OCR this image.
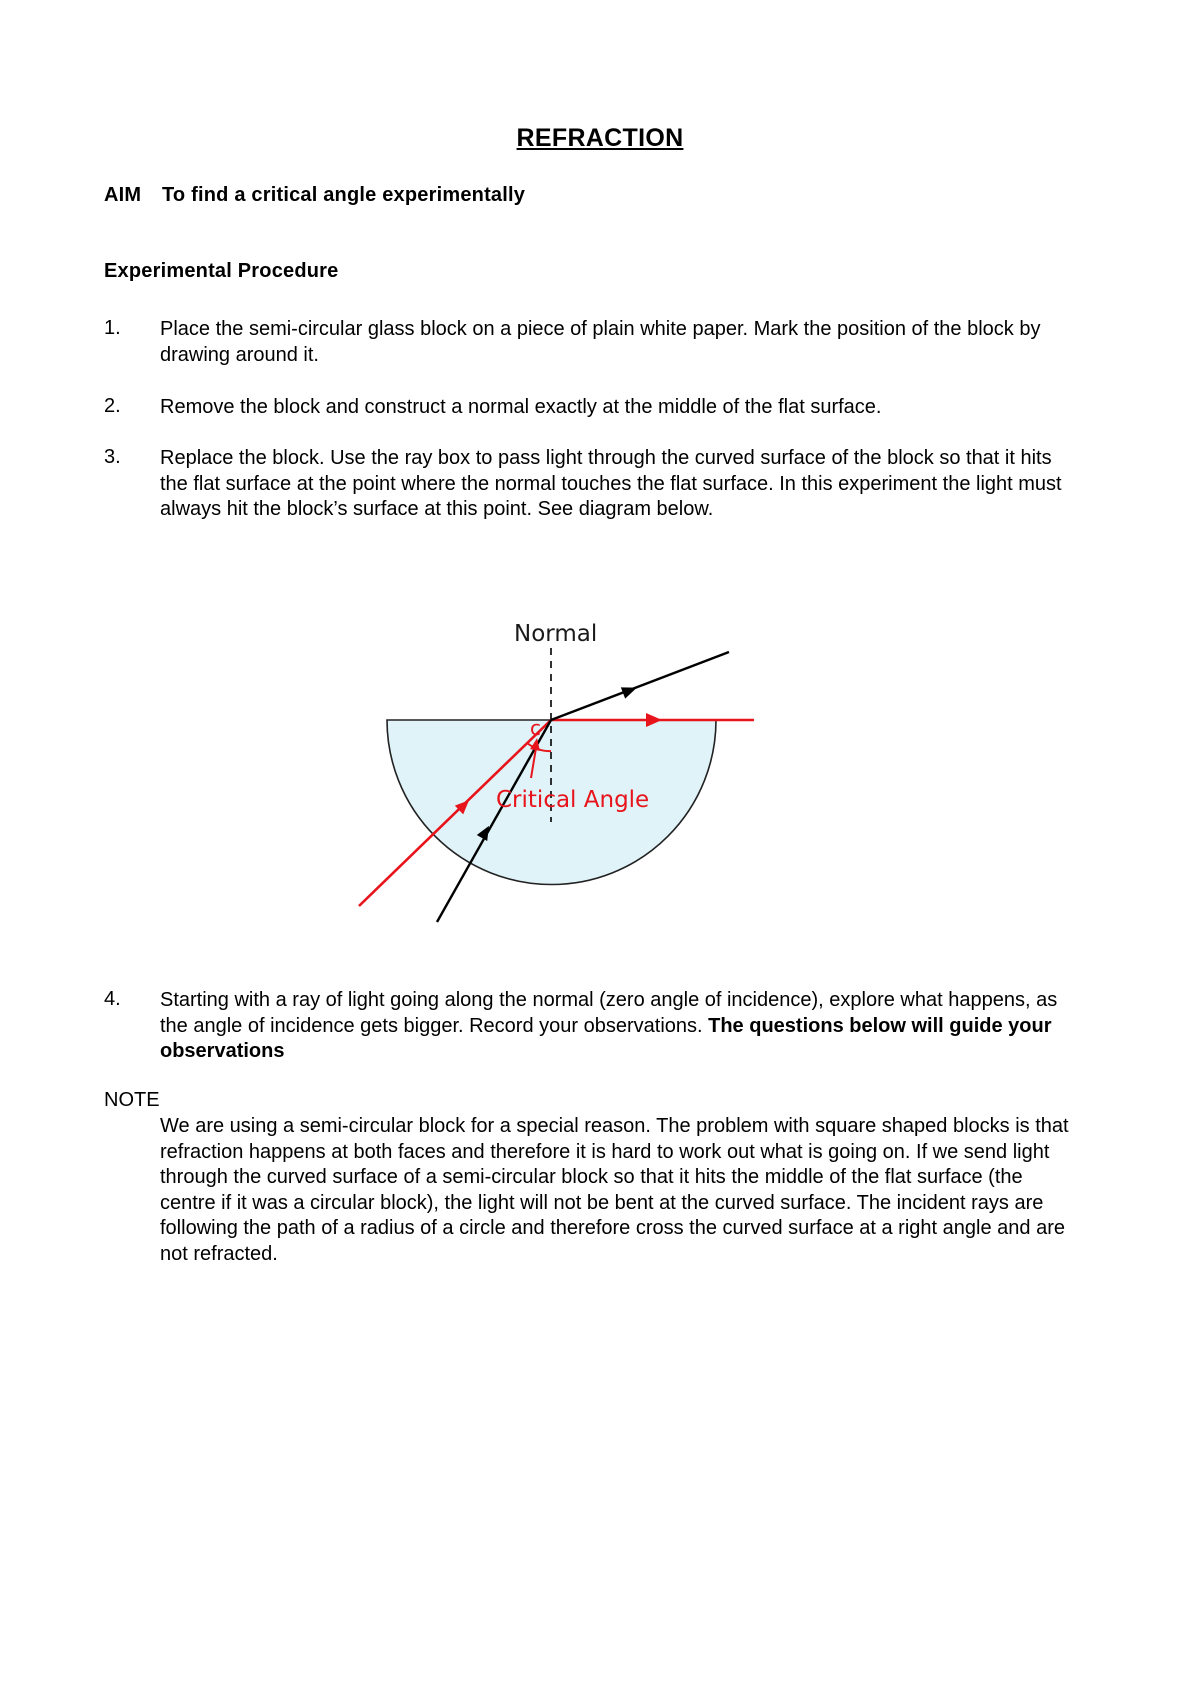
REFRACTION
AIM To find a critical angle experimentally
Experimental Procedure
1. Place the semi-circular glass block on a piece of plain white paper. Mark the position of the block by drawing around it.
2. Remove the block and construct a normal exactly at the middle of the flat surface.
3. Replace the block. Use the ray box to pass light through the curved surface of the block so that it hits the flat surface at the point where the normal touches the flat surface. In this experiment the light must always hit the block’s surface at this point. See diagram below.
Normal
c
Critical Angle
4. Starting with a ray of light going along the normal (zero angle of incidence), explore what happens, as the angle of incidence gets bigger. Record your observations. The questions below will guide your observations
NOTE
We are using a semi-circular block for a special reason. The problem with square shaped blocks is that refraction happens at both faces and therefore it is hard to work out what is going on. If we send light through the curved surface of a semi-circular block so that it hits the middle of the flat surface (the centre if it was a circular block), the light will not be bent at the curved surface. The incident rays are following the path of a radius of a circle and therefore cross the curved surface at a right angle and are not refracted.
